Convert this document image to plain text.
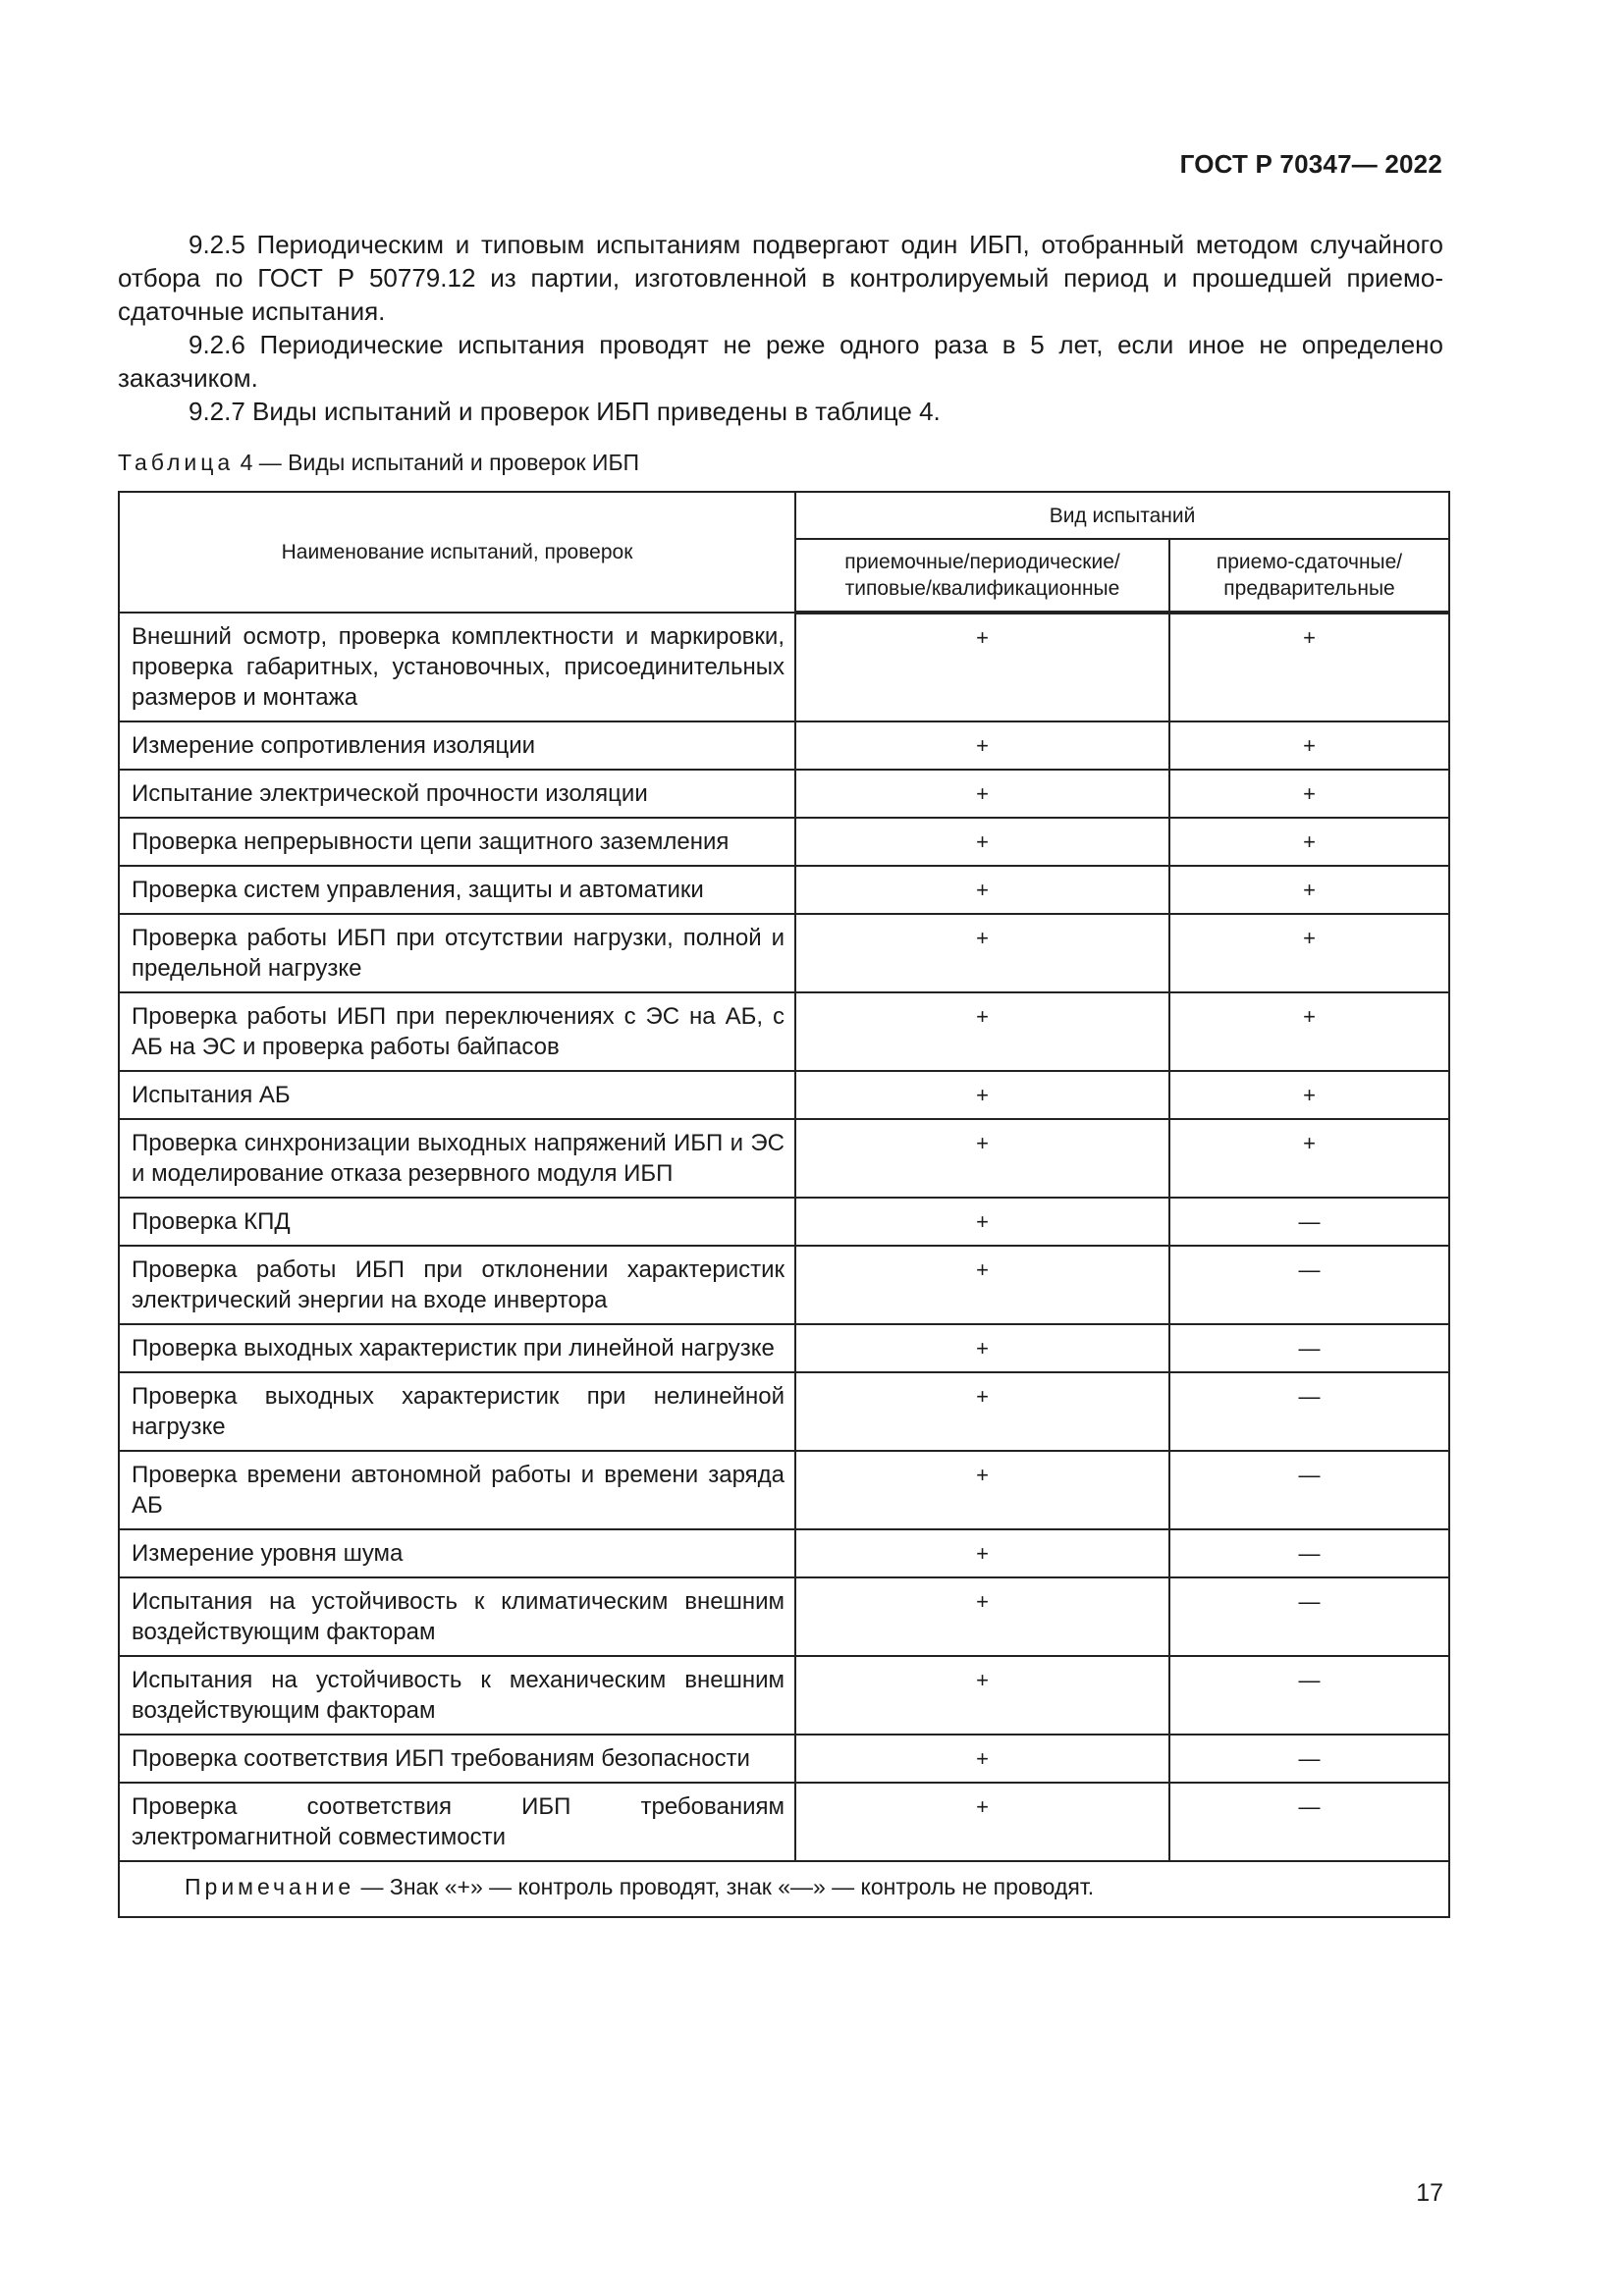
ГОСТ Р 70347— 2022
9.2.5 Периодическим и типовым испытаниям подвергают один ИБП, отобранный методом случайного отбора по ГОСТ Р 50779.12 из партии, изготовленной в контролируемый период и прошедшей приемо-сдаточные испытания.
9.2.6 Периодические испытания проводят не реже одного раза в 5 лет, если иное не определено заказчиком.
9.2.7 Виды испытаний и проверок ИБП приведены в таблице 4.
Таблица 4 — Виды испытаний и проверок ИБП
Наименование испытаний, проверок	Вид испытаний	
	приемочные/периодические/ типовые/квалификационные	приемо-сдаточные/ предварительные
Внешний осмотр, проверка комплектности и маркировки, проверка габаритных, установочных, присоединительных размеров и монтажа	+	+
Измерение сопротивления изоляции	+	+
Испытание электрической прочности изоляции	+	+
Проверка непрерывности цепи защитного заземления	+	+
Проверка систем управления, защиты и автоматики	+	+
Проверка работы ИБП при отсутствии нагрузки, полной и предельной нагрузке	+	+
Проверка работы ИБП при переключениях с ЭС на АБ, с АБ на ЭС и проверка работы байпасов	+	+
Испытания АБ	+	+
Проверка синхронизации выходных напряжений ИБП и ЭС и моделирование отказа резервного модуля ИБП	+	+
Проверка КПД	+	—
Проверка работы ИБП при отклонении характеристик электрический энергии на входе инвертора	+	—
Проверка выходных характеристик при линейной нагрузке	+	—
Проверка выходных характеристик при нелинейной нагрузке	+	—
Проверка времени автономной работы и времени заряда АБ	+	—
Измерение уровня шума	+	—
Испытания на устойчивость к климатическим внешним воздействующим факторам	+	—
Испытания на устойчивость к механическим внешним воздействующим факторам	+	—
Проверка соответствия ИБП требованиям безопасности	+	—
Проверка соответствия ИБП требованиям электромагнитной совместимости	+	—
Примечание — Знак «+» — контроль проводят, знак «—» — контроль не проводят.		
17
